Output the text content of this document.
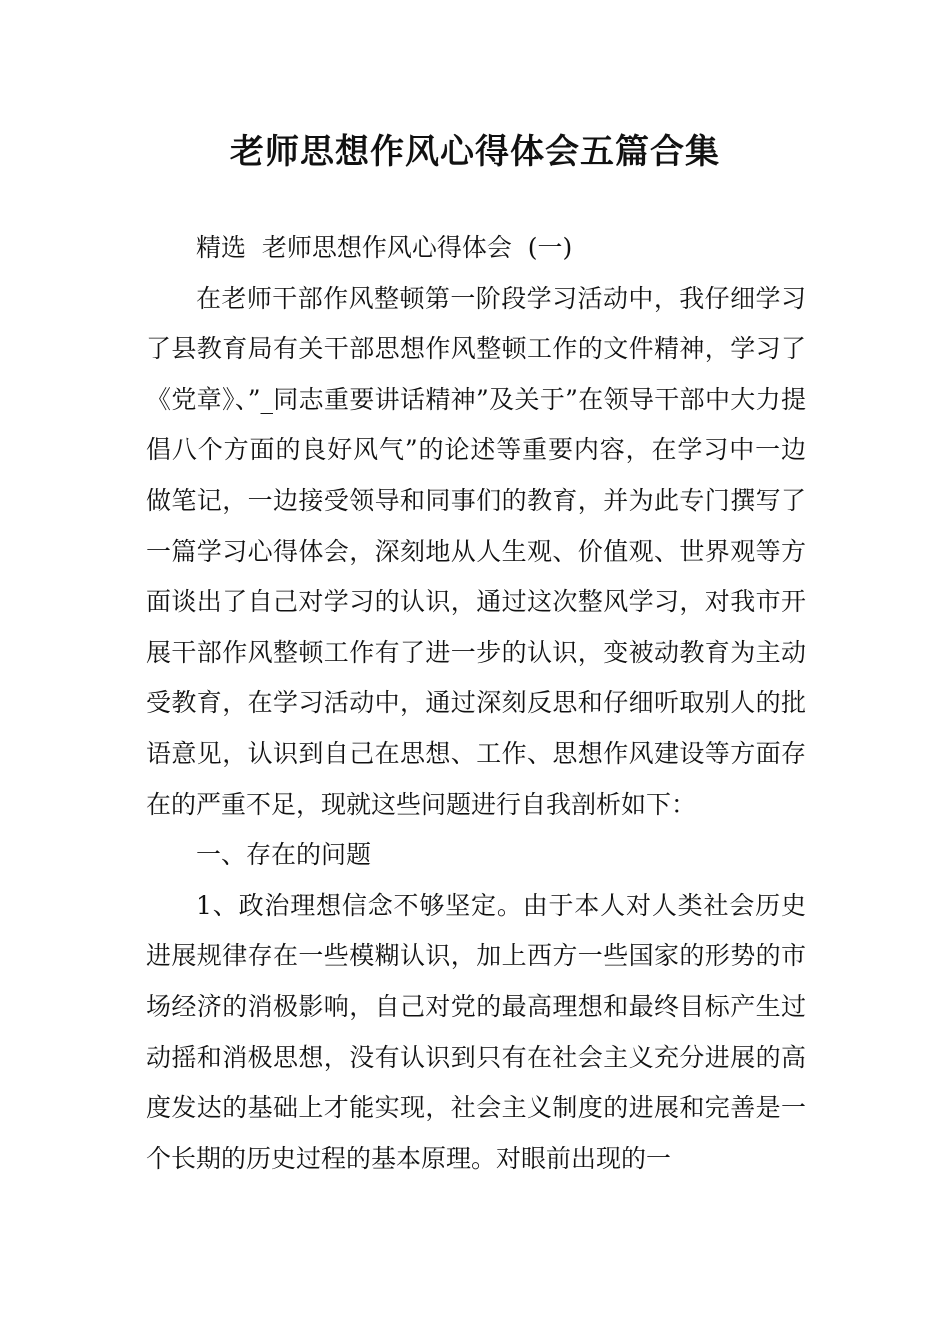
老师思想作风心得体会五篇合集

精选  老师思想作风心得体会  (一)

在老师干部作风整顿第一阶段学习活动中，我仔细学习了县教育局有关干部思想作风整顿工作的文件精神，学习了《党章》、”_同志重要讲话精神”及关于”在领导干部中大力提倡八个方面的良好风气”的论述等重要内容，在学习中一边做笔记，一边接受领导和同事们的教育，并为此专门撰写了一篇学习心得体会，深刻地从人生观、价值观、世界观等方面谈出了自己对学习的认识，通过这次整风学习，对我市开展干部作风整顿工作有了进一步的认识，变被动教育为主动受教育，在学习活动中，通过深刻反思和仔细听取别人的批语意见，认识到自己在思想、工作、思想作风建设等方面存在的严重不足，现就这些问题进行自我剖析如下：

一、存在的问题

1、政治理想信念不够坚定。由于本人对人类社会历史进展规律存在一些模糊认识，加上西方一些国家的形势的市场经济的消极影响，自己对党的最高理想和最终目标产生过动摇和消极思想，没有认识到只有在社会主义充分进展的高度发达的基础上才能实现，社会主义制度的进展和完善是一个长期的历史过程的基本原理。对眼前出现的一
